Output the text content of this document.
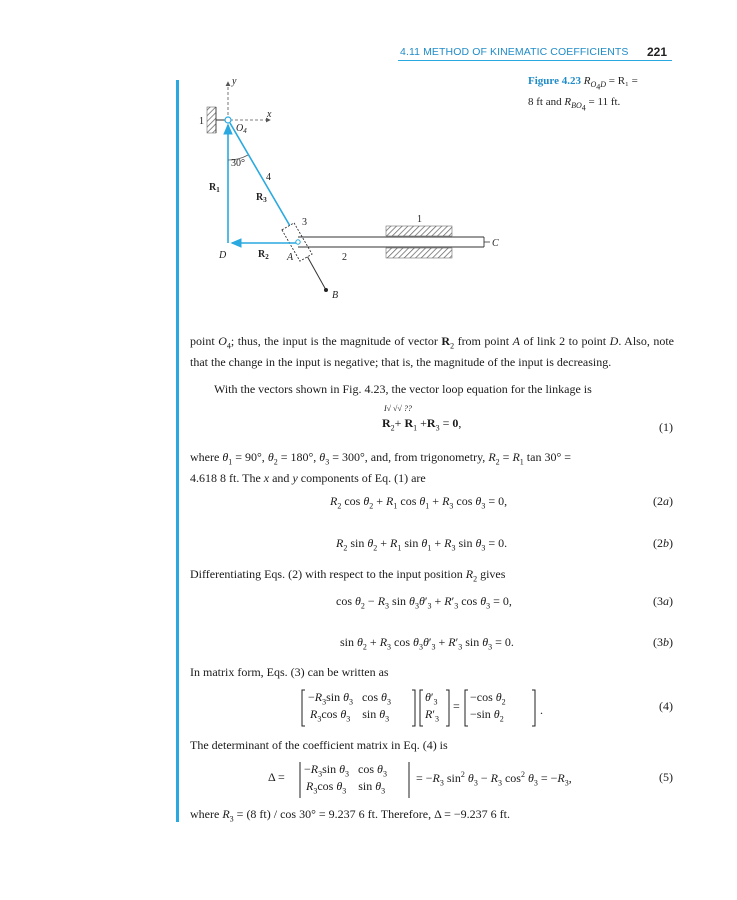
4.11 METHOD OF KINEMATIC COEFFICIENTS 221
Figure 4.23 $R_{O_4D} = R_1$ =
8 ft and $R_{BO_4} = 11$ ft.
y
x
1
$O_4$
$R_1$
30°
4
$R_3$
B
3
2
A
C
1
D	$R_2$
point $O_4$; thus, the input is the magnitude of vector $R_2$ from point A of link 2 to point D. Also, note that the change in the input is negative; that is, the magnitude of the input is decreasing.
With the vectors shown in Fig. 4.23, the vector loop equation for the linkage is
I√ √√ ??
$R_2+ R_1 +R_3 = 0$,	(1)
where $\theta_1 = 90^\circ$, $\theta_2 = 180^\circ$, $\theta_3 = 300^\circ$, and, from trigonometry, $R_2 = R_1$ tan 30° =
4.618 8 ft. The x and y components of Eq. (1) are
$R_2$ $\cos \theta_2 + R_1$ $\cos \theta_1 + R_3$ $\cos \theta_3 = 0$,	(2a)
$R_2$ $\sin \theta_2 + R_1$ $\sin \theta_1 + R_3$ $\sin \theta_3 = 0$.	(2b)
Differentiating Eqs. (2) with respect to the input position $R_2$ gives
$\cos \theta_2 - R_3$ $\sin \theta_3\theta'_3 + R'_3$ $\cos \theta_3 = 0$,	(3a)
$\sin \theta_2 + R_3$ $\cos \theta_3\theta'_3 + R'_3$ $\sin \theta_3 = 0$.	(3b)
In matrix form, Eqs. (3) can be written as
$-R_3\sin$ $\theta_3$   $\cos \theta_3$
$R_3\cos$ $\theta_3$    $\sin \theta_3$
$\theta'_3$
$R'_3$
=
−cos $\theta_2$
−sin $\theta_2$
.	(4)
The determinant of the coefficient matrix in Eq. (4) is
Δ =
$-R_3\sin$ $\theta_3$   $\cos \theta_3$
$R_3\cos$ $\theta_3$    $\sin \theta_3$
= $-R_3$ $\sin^2 \theta_3 - R_3$ $\cos^2 \theta_3 = -R_3$,	(5)
where $R_3 = (8$ ft) / cos 30° = 9.237 6 ft. Therefore, Δ = −9.237 6 ft.
